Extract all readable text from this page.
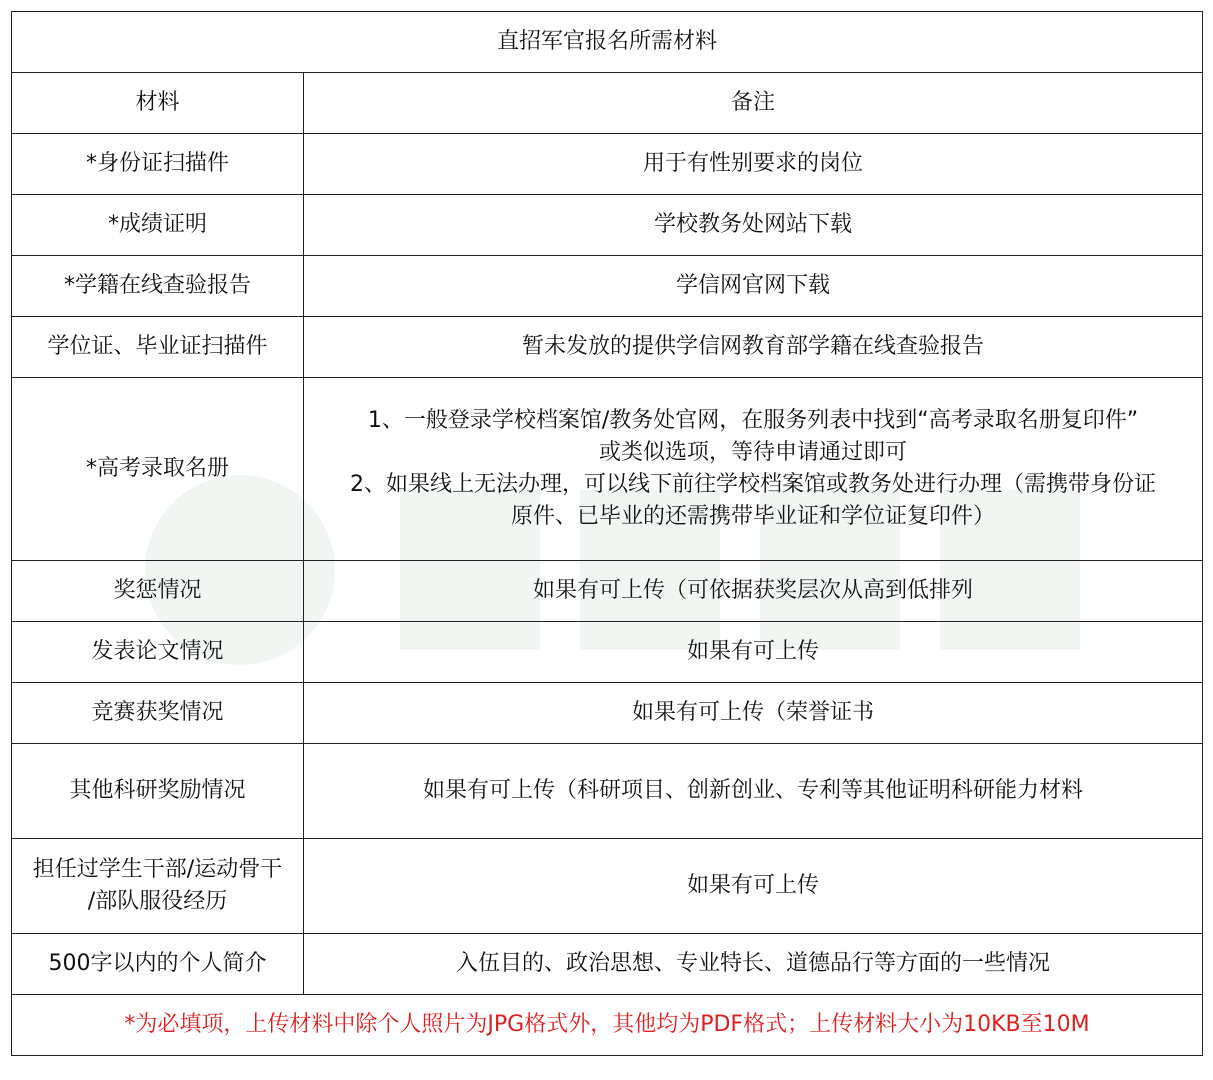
直招军官报名所需材料	
材料	备注
*身份证扫描件	用于有性别要求的岗位
*成绩证明	学校教务处网站下载
*学籍在线查验报告	学信网官网下载
学位证、毕业证扫描件	暂未发放的提供学信网教育部学籍在线查验报告
*高考录取名册	1、一般登录学校档案馆/教务处官网，在服务列表中找到“高考录取名册复印件”
或类似选项，等待申请通过即可
2、如果线上无法办理，可以线下前往学校档案馆或教务处进行办理（需携带身份证
原件、已毕业的还需携带毕业证和学位证复印件）

奖惩情况	如果有可上传（可依据获奖层次从高到低排列
发表论文情况	如果有可上传
竞赛获奖情况	如果有可上传（荣誉证书
其他科研奖励情况	如果有可上传（科研项目、创新创业、专利等其他证明科研能力材料

担任过学生干部/运动骨干
/部队服役经历	如果有可上传
500字以内的个人简介	入伍目的、政治思想、专业特长、道德品行等方面的一些情况
*为必填项，上传材料中除个人照片为JPG格式外，其他均为PDF格式；上传材料大小为10KB至10M	
